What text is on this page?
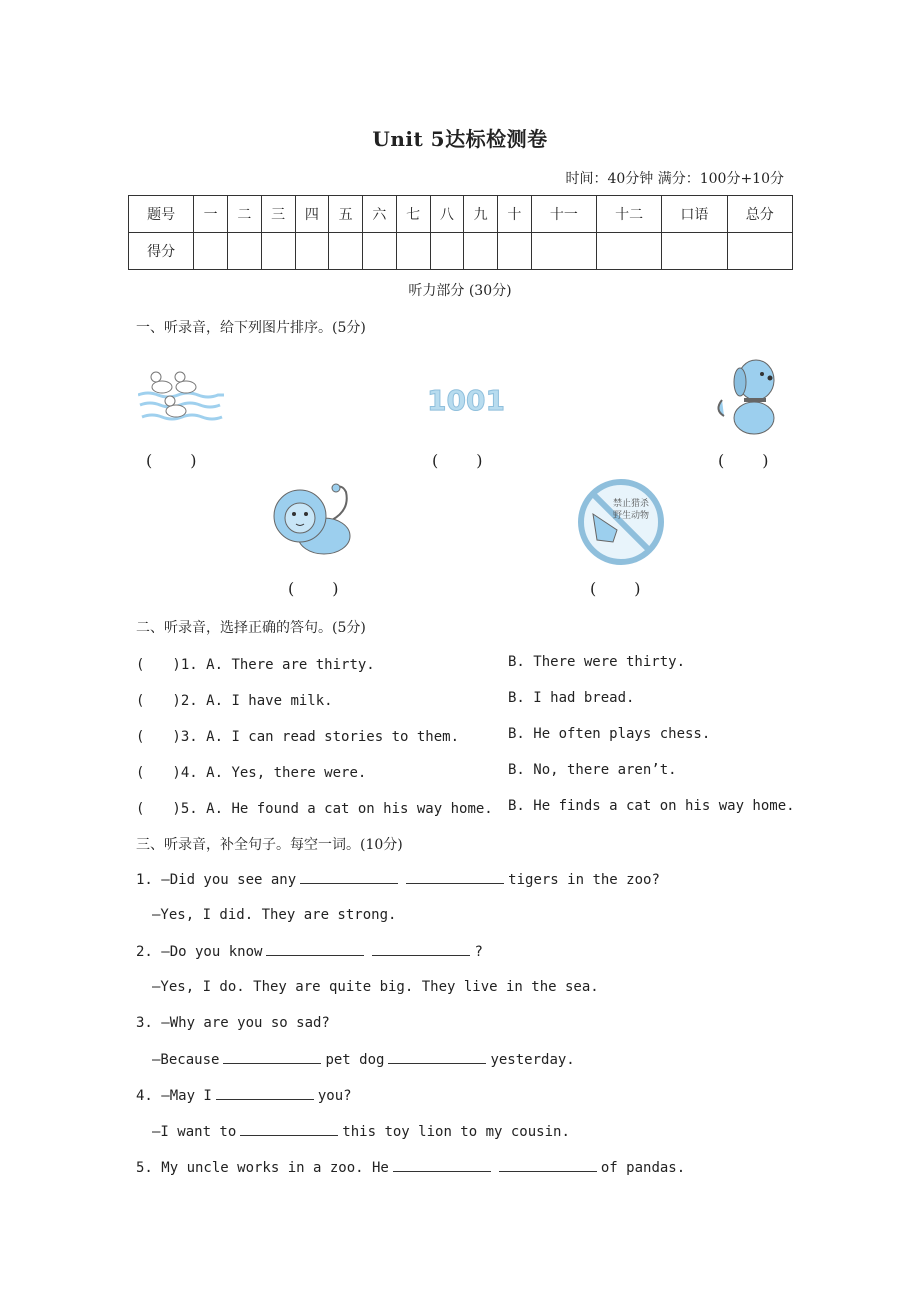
Unit 5达标检测卷
时间：40分钟 满分：100分+10分
题号	一	二	三	四	五	六	七	八	九	十	十一	十二	口语	总分
得分														
听力部分 (30分)
一、听录音，给下列图片排序。(5分)
1001
(　　)	(　　)	(　　)
禁止猎杀
野生动物
(　　)	(　　)
二、听录音，选择正确的答句。(5分)
(　　)1. A. There are thirty.	B. There were thirty.
(　　)2. A. I have milk.	B. I had bread.
(　　)3. A. I can read stories to them.	B. He often plays chess.
(　　)4. A. Yes, there were.	B. No, there aren’t.
(　　)5. A. He found a cat on his way home. B. He finds a cat on his way home.
三、听录音，补全句子。每空一词。(10分)
1. —Did you see any	tigers in the zoo?
—Yes, I did. They are strong.
2. —Do you know	?
—Yes, I do. They are quite big. They live in the sea.
3. —Why are you so sad?
—Because	pet dog	yesterday.
4. —May I	you?
—I want to	this toy lion to my cousin.
5. My uncle works in a zoo. He	of pandas.
